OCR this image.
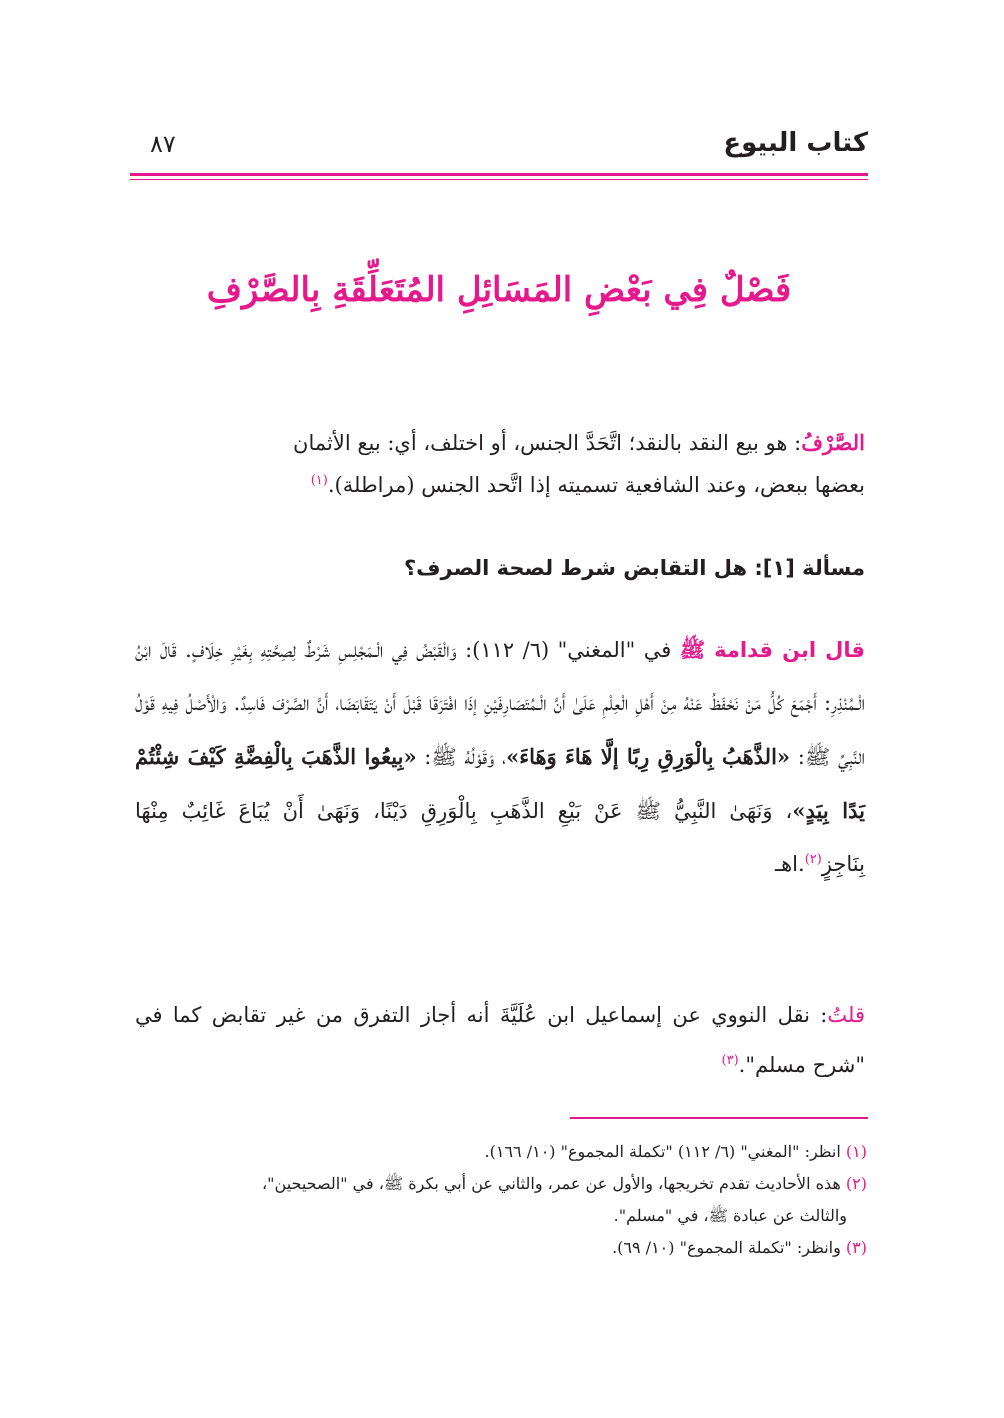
كتاب البيوع
٨٧
فَصْلٌ فِي بَعْضِ المَسَائِلِ المُتَعَلِّقَةِ بِالصَّرْفِ

الصَّرْفُ: هو بيع النقد بالنقد؛ اتَّحَدَّ الجنس، أو اختلف، أي: بيع الأثمان

بعضها ببعض، وعند الشافعية تسميته إذا اتَّحد الجنس (مراطلة).$^{(١)}$

مسألة [١]: هل التقابض شرط لصحة الصرف؟
قال ابن قدامة ﷺ في "المغني" (٦/ ١١٢): وَالْقَبْضُ فِي الْـمَجْلِسِ شَرْطٌ لِصِحَّتِهِ بِغَيْرِ خِلَافٍ. قَالَ ابْنُ الْـمُنْذِرِ: أَجْمَعَ كُلُّ مَنْ نَحْفَظُ عَنْهُ مِنْ أَهْلِ الْعِلْمِ عَلَىٰ أَنَّ الْـمُتَصَارِفَيْنِ إذَا افْتَرَقَا قَبْلَ أَنْ يَتَقَابَضَا، أَنَّ الصَّرْفَ فَاسِدٌ. وَالْأَصْلُ فِيهِ قَوْلُ النَّبِيِّ ﷺ: «الذَّهَبُ بِالْوَرِقِ رِبًا إلَّا هَاءَ وَهَاءَ»، وَقَوْلُهُ ﷺ: «بِيعُوا الذَّهَبَ بِالْفِضَّةِ كَيْفَ شِئْتُمْ يَدًا بِيَدٍ»، وَنَهَىٰ النَّبِيُّ ﷺ عَنْ بَيْعِ الذَّهَبِ بِالْوَرِقِ دَيْنًا، وَنَهَىٰ أَنْ يُبَاعَ غَائِبٌ مِنْهَا بِنَاجِزٍ$^{(٢)}$.اهـ
قلتُ: نقل النووي عن إسماعيل ابن عُلَيَّةَ أنه أجاز التفرق من غير تقابض كما في "شرح مسلم".$^{(٣)}$

(١) انظر: "المغني" (٦/ ١١٢) "تكملة المجموع" (١٠/ ١٦٦).

(٢) هذه الأحاديث تقدم تخريجها، والأول عن عمر، والثاني عن أبي بكرة ﷺ، في "الصحيحين"،

والثالث عن عبادة ﷺ، في "مسلم".

(٣) وانظر: "تكملة المجموع" (١٠/ ٦٩).
